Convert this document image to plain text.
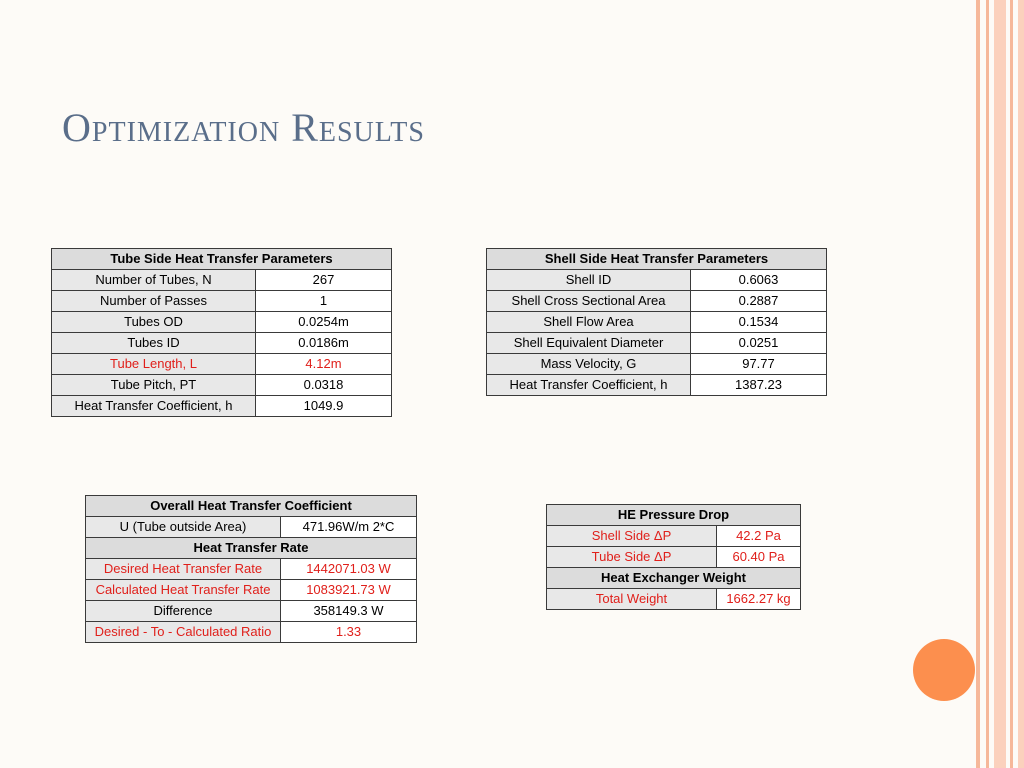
Optimization Results
Tube Side Heat Transfer Parameters	
Number of Tubes, N	267
Number of Passes	1
Tubes OD	0.0254m
Tubes ID	0.0186m
Tube Length, L	4.12m
Tube Pitch, PT	0.0318
Heat Transfer Coefficient, h	1049.9
Shell Side Heat Transfer Parameters	
Shell ID	0.6063
Shell Cross Sectional Area	0.2887
Shell Flow Area	0.1534
Shell Equivalent Diameter	0.0251
Mass Velocity, G	97.77
Heat Transfer Coefficient, h	1387.23
Overall Heat Transfer Coefficient	
U (Tube outside Area)	471.96W/m 2*C
Heat Transfer Rate	
Desired Heat Transfer Rate	1442071.03 W
Calculated Heat Transfer Rate	1083921.73 W
Difference	358149.3 W
Desired - To - Calculated Ratio	1.33
HE Pressure Drop	
Shell Side ΔP	42.2 Pa
Tube Side ΔP	60.40 Pa
Heat Exchanger Weight	
Total Weight	1662.27 kg
